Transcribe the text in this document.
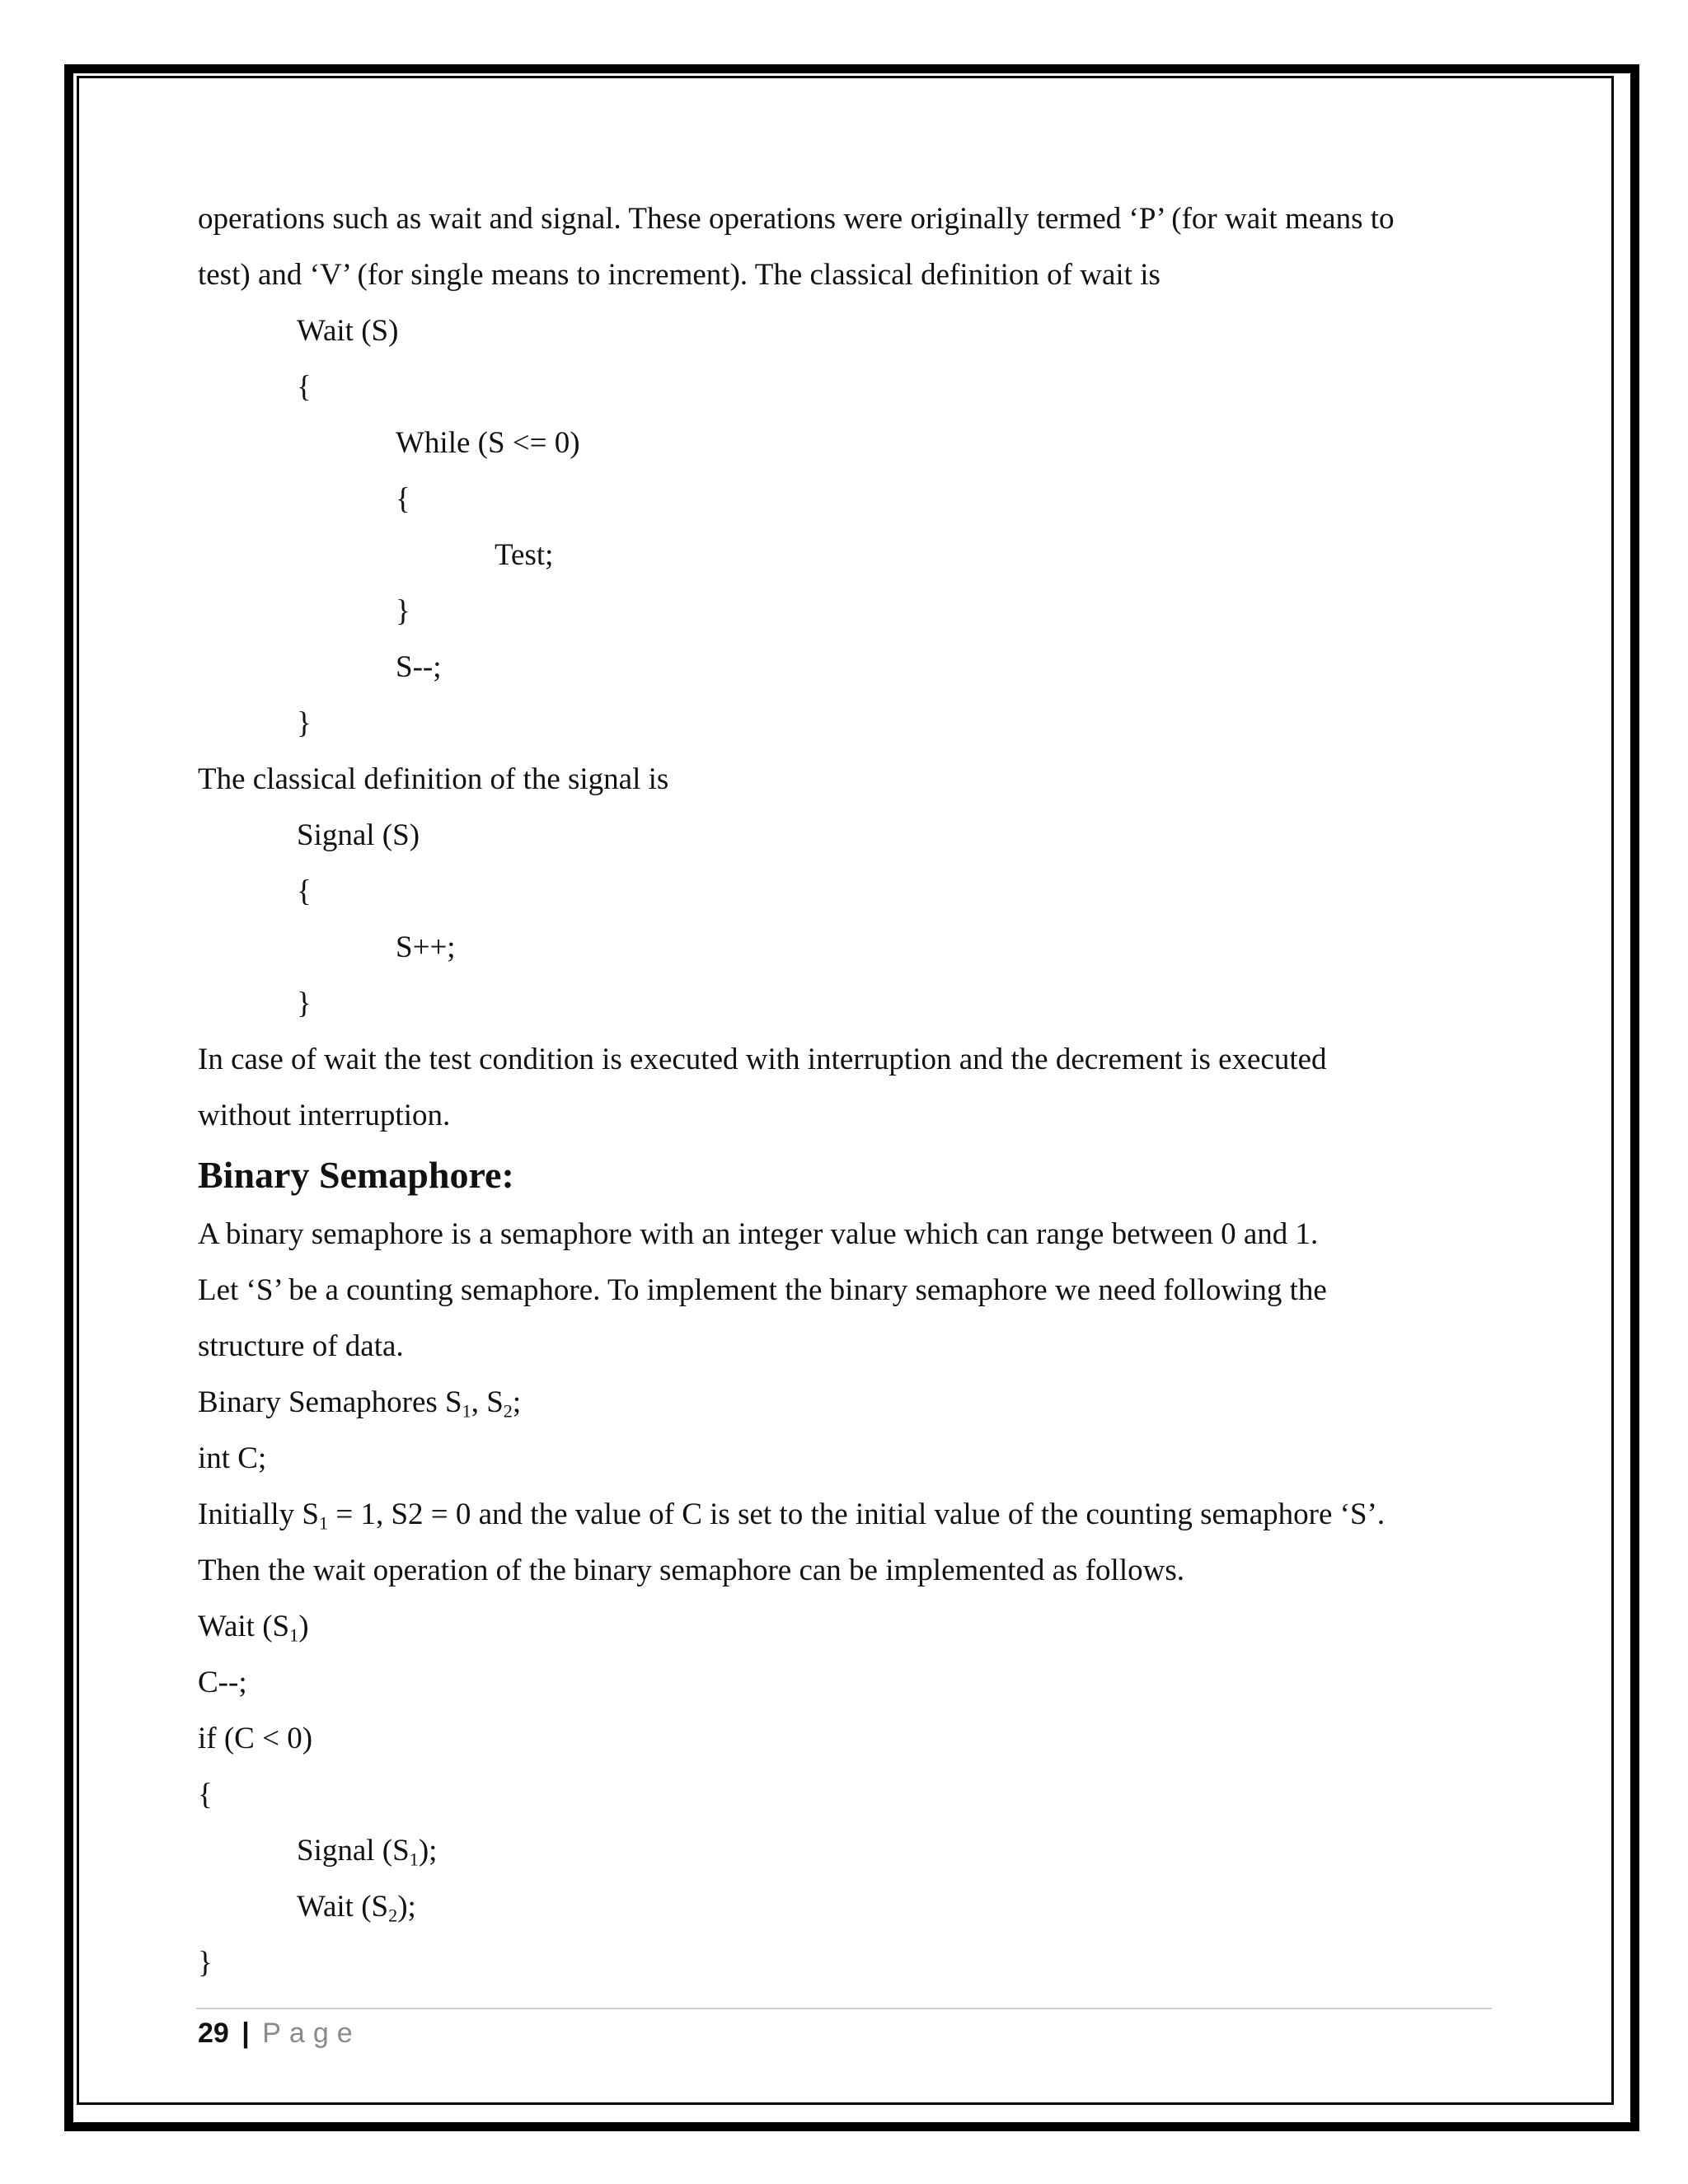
operations such as wait and signal. These operations were originally termed ‘P’ (for wait means to
test) and ‘V’ (for single means to increment). The classical definition of wait is
Wait (S)
{
While (S <= 0)
{
Test;
}
S--;
}
The classical definition of the signal is
Signal (S)
{
S++;
}
In case of wait the test condition is executed with interruption and the decrement is executed
without interruption.
Binary Semaphore:
A binary semaphore is a semaphore with an integer value which can range between 0 and 1.
Let ‘S’ be a counting semaphore. To implement the binary semaphore we need following the
structure of data.
Binary Semaphores $S_1$, $S_2$;
int C;
Initially $S_1 = 1$, S2 = 0 and the value of C is set to the initial value of the counting semaphore ‘S’.
Then the wait operation of the binary semaphore can be implemented as follows.
Wait $(S_1)$
C--;
if (C < 0)
{
Signal $(S_1)$;
Wait $(S_2)$;
}
29 | Page
